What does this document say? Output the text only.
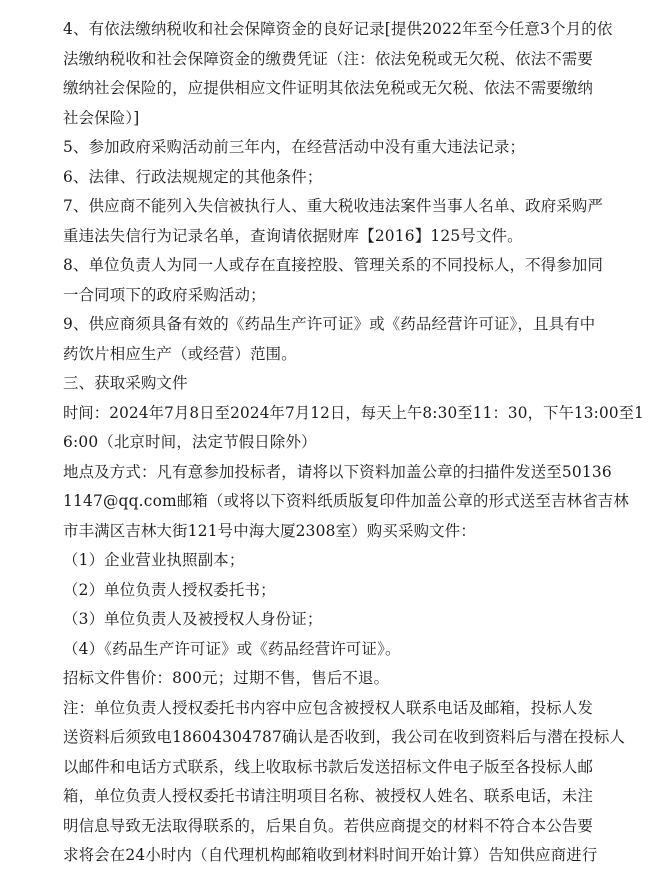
4、有依法缴纳税收和社会保障资金的良好记录[提供2022年至今任意3个月的依

法缴纳税收和社会保障资金的缴费凭证（注：依法免税或无欠税、依法不需要

缴纳社会保险的，应提供相应文件证明其依法免税或无欠税、依法不需要缴纳

社会保险）]

5、参加政府采购活动前三年内，在经营活动中没有重大违法记录；

6、法律、行政法规规定的其他条件；

7、供应商不能列入失信被执行人、重大税收违法案件当事人名单、政府采购严

重违法失信行为记录名单，查询请依据财库【2016】125号文件。

8、单位负责人为同一人或存在直接控股、管理关系的不同投标人，不得参加同

一合同项下的政府采购活动；

9、供应商须具备有效的《药品生产许可证》或《药品经营许可证》，且具有中

药饮片相应生产（或经营）范围。

三、获取采购文件

时间：2024年7月8日至2024年7月12日，每天上午8:30至11：30，下午13:00至1

6:00（北京时间，法定节假日除外）

地点及方式：凡有意参加投标者，请将以下资料加盖公章的扫描件发送至50136

1147@qq.com邮箱（或将以下资料纸质版复印件加盖公章的形式送至吉林省吉林

市丰满区吉林大街121号中海大厦2308室）购买采购文件：

（1）企业营业执照副本；

（2）单位负责人授权委托书；

（3）单位负责人及被授权人身份证；

（4）《药品生产许可证》或《药品经营许可证》。

招标文件售价：800元；过期不售，售后不退。

注：单位负责人授权委托书内容中应包含被授权人联系电话及邮箱，投标人发

送资料后须致电18604304787确认是否收到，我公司在收到资料后与潜在投标人

以邮件和电话方式联系，线上收取标书款后发送招标文件电子版至各投标人邮

箱，单位负责人授权委托书请注明项目名称、被授权人姓名、联系电话，未注

明信息导致无法取得联系的，后果自负。若供应商提交的材料不符合本公告要

求将会在24小时内（自代理机构邮箱收到材料时间开始计算）告知供应商进行
